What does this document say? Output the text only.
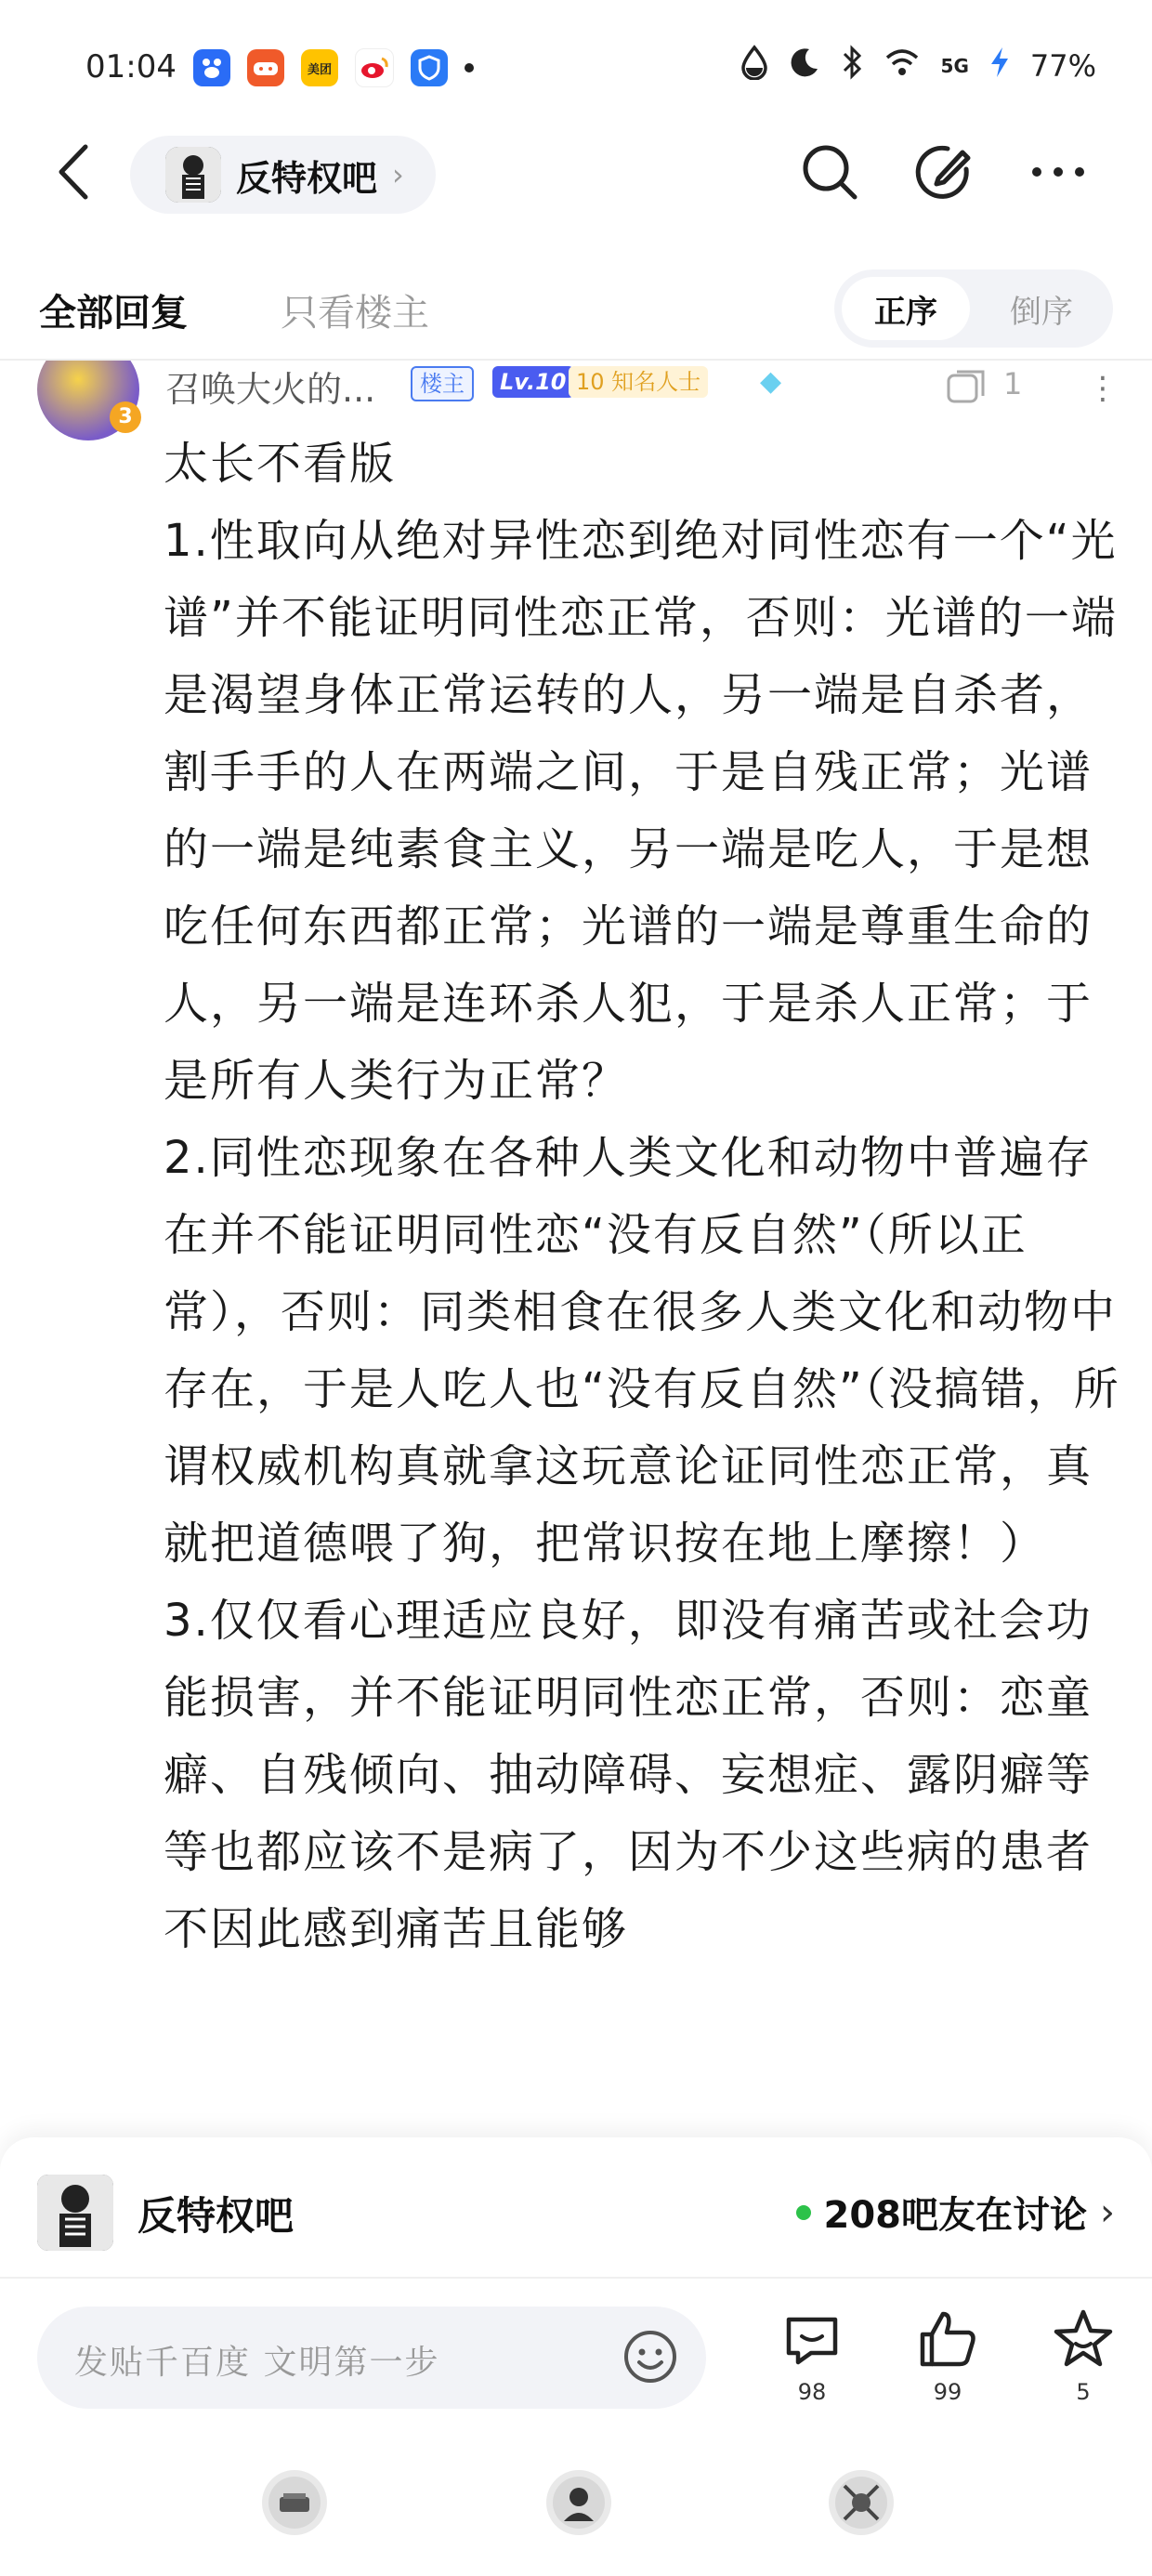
01:04	美团	5G 77%
反特权吧 ›
全部回复	只看楼主	正序	倒序
3
召唤大火的...	楼主	Lv.10 10 知名人士 ◆	1 ⋮

太长不看版

1.性取向从绝对异性恋到绝对同性恋有一个“光谱”并不能证明同性恋正常，否则：光谱的一端是渴望身体正常运转的人，另一端是自杀者，割手手的人在两端之间，于是自残正常；光谱的一端是纯素食主义，另一端是吃人，于是想吃任何东西都正常；光谱的一端是尊重生命的人，另一端是连环杀人犯，于是杀人正常；于是所有人类行为正常？

2.同性恋现象在各种人类文化和动物中普遍存在并不能证明同性恋“没有反自然”（所以正常），否则：同类相食在很多人类文化和动物中存在，于是人吃人也“没有反自然”（没搞错，所谓权威机构真就拿这玩意论证同性恋正常，真就把道德喂了狗，把常识按在地上摩擦！）

3.仅仅看心理适应良好，即没有痛苦或社会功能损害，并不能证明同性恋正常，否则：恋童癖、自残倾向、抽动障碍、妄想症、露阴癖等等也都应该不是病了，因为不少这些病的患者不因此感到痛苦且能够

反特权吧	208吧友在讨论 ›
发贴千百度 文明第一步
98	99	5
